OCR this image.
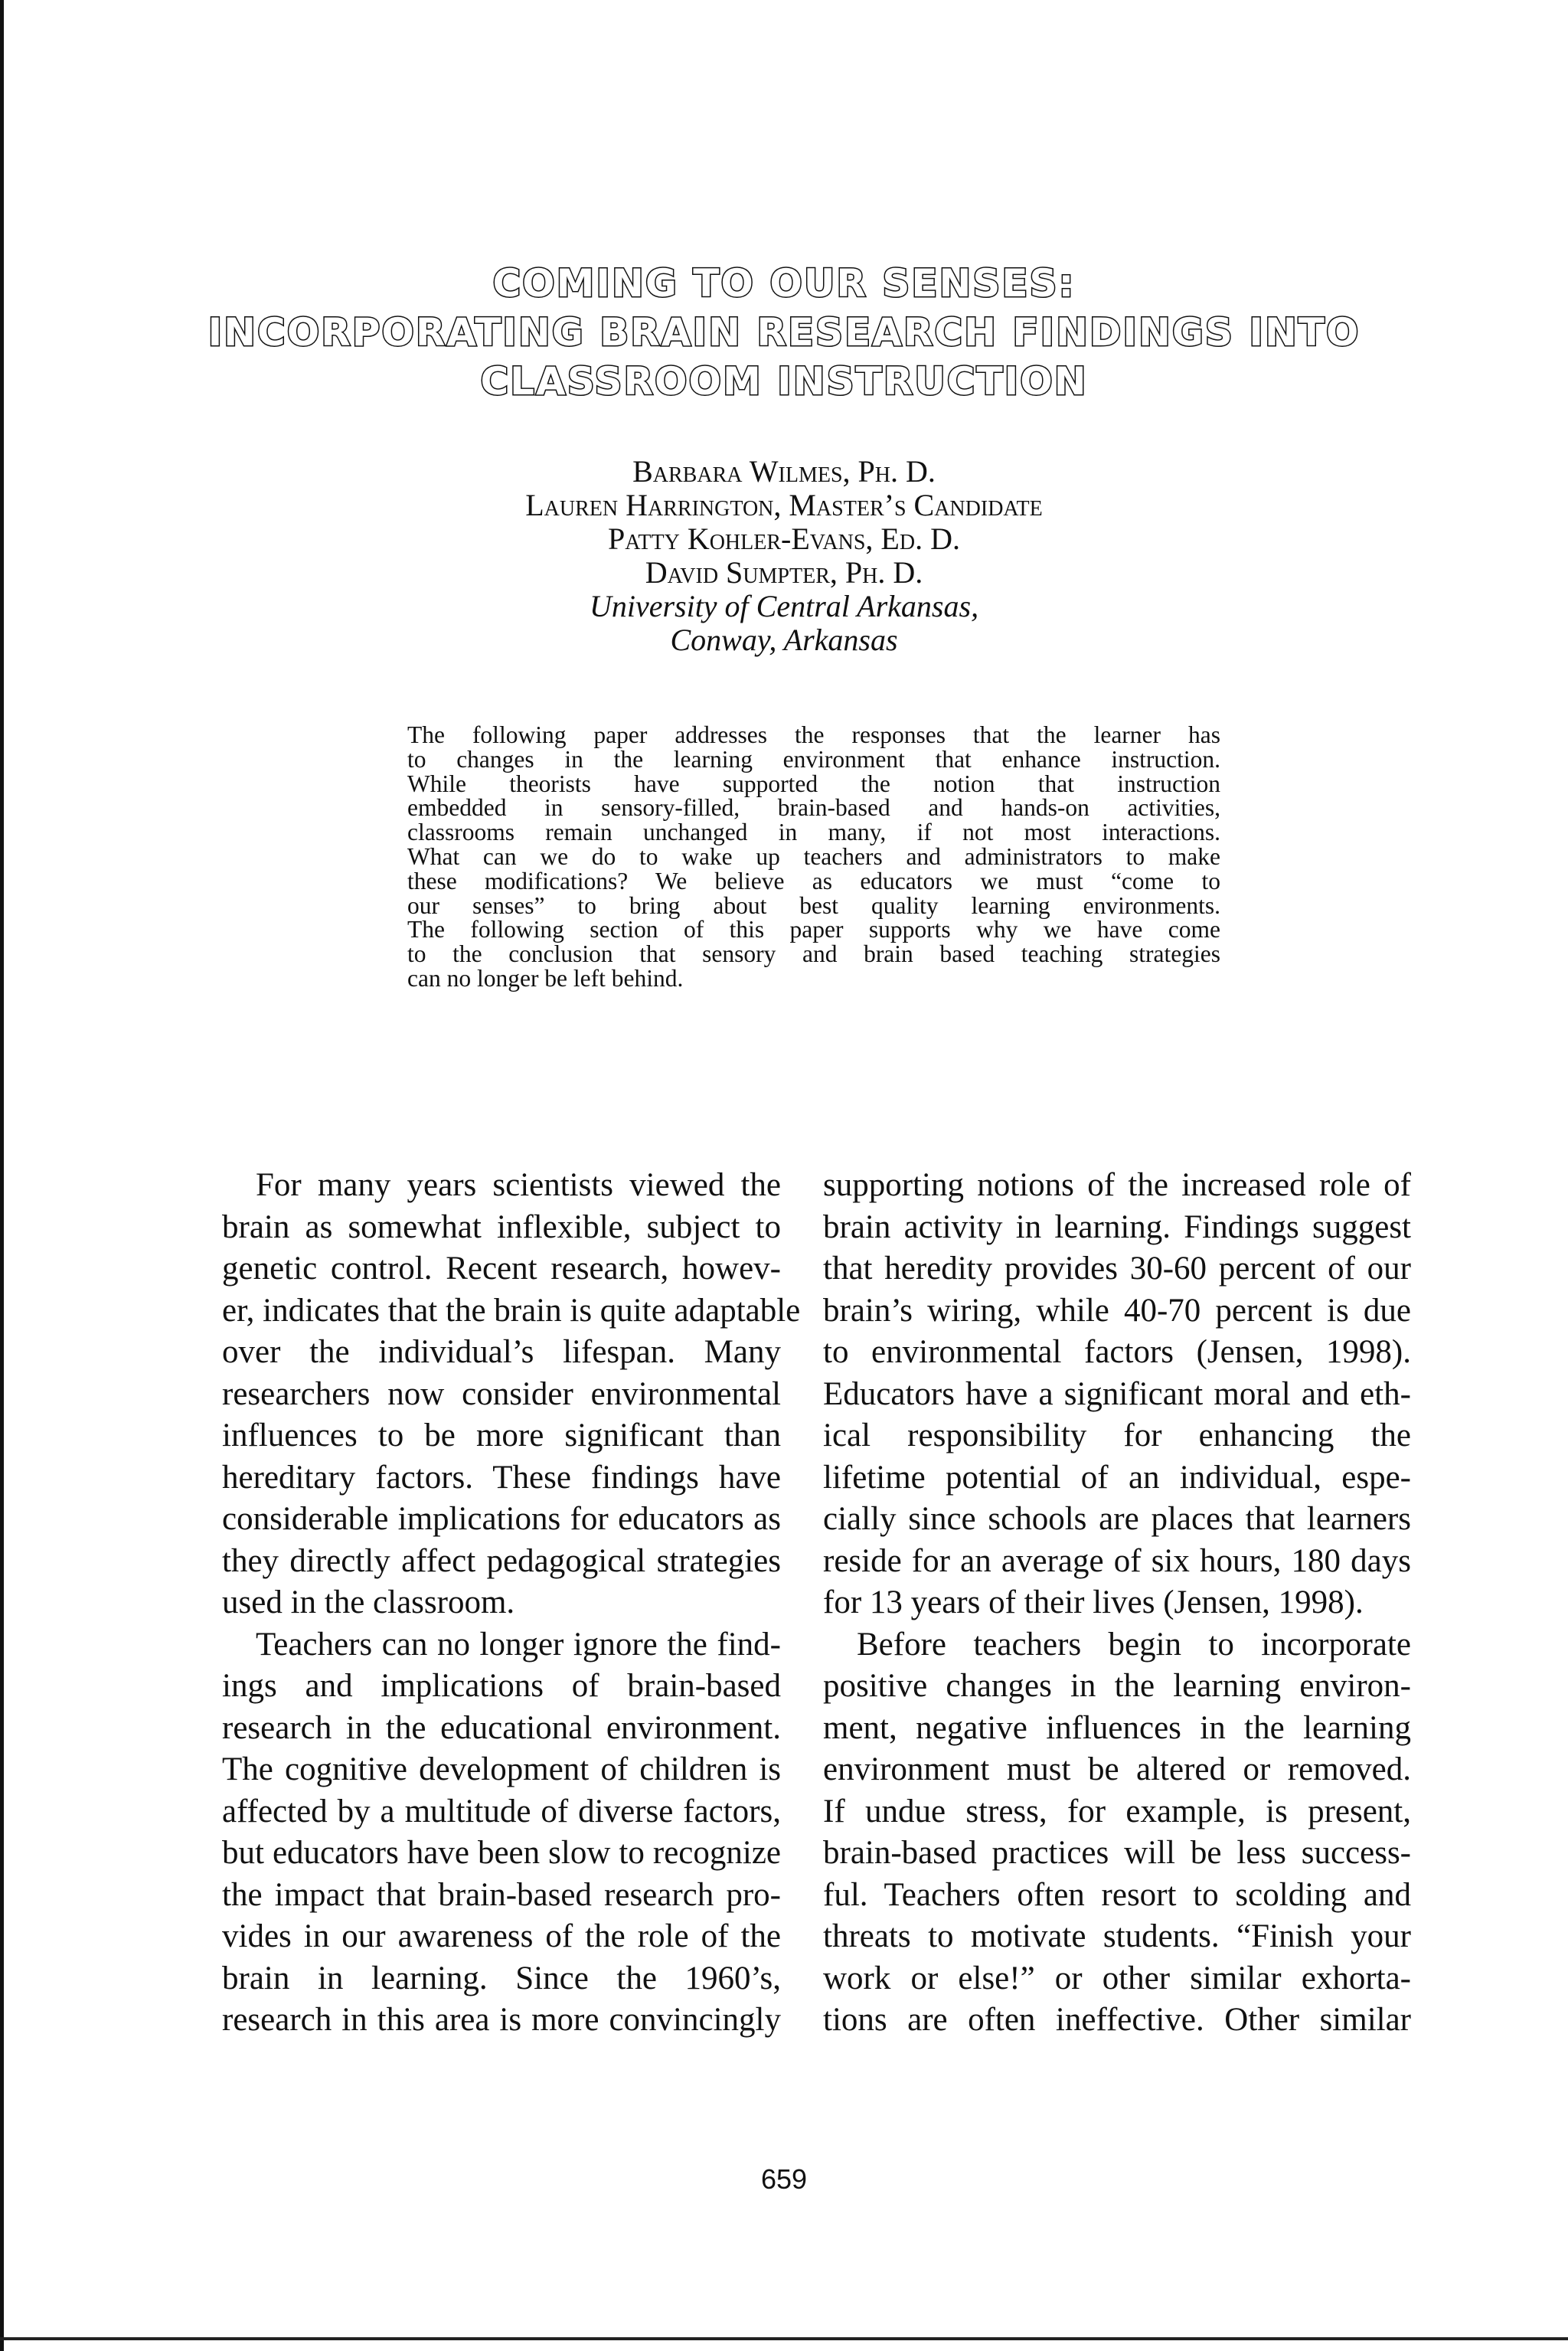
COMING TO OUR SENSES:
INCORPORATING BRAIN RESEARCH FINDINGS INTO
CLASSROOM INSTRUCTION
Barbara Wilmes, Ph. D.
Lauren Harrington, Master’s Candidate
Patty Kohler-Evans, Ed. D.
David Sumpter, Ph. D.
University of Central Arkansas,
Conway, Arkansas
The following paper addresses the responses that the learner has
to changes in the learning environment that enhance instruction.
While theorists have supported the notion that instruction
embedded in sensory-filled, brain-based and hands-on activities,
classrooms remain unchanged in many, if not most interactions.
What can we do to wake up teachers and administrators to make
these modifications? We believe as educators we must “come to
our senses” to bring about best quality learning environments.
The following section of this paper supports why we have come
to the conclusion that sensory and brain based teaching strategies
can no longer be left behind.
For many years scientists viewed the
brain as somewhat inflexible, subject to
genetic control. Recent research, howev-
er, indicates that the brain is quite adaptable
over the individual’s lifespan. Many
researchers now consider environmental
influences to be more significant than
hereditary factors. These findings have
considerable implications for educators as
they directly affect pedagogical strategies
used in the classroom.
Teachers can no longer ignore the find-
ings and implications of brain-based
research in the educational environment.
The cognitive development of children is
affected by a multitude of diverse factors,
but educators have been slow to recognize
the impact that brain-based research pro-
vides in our awareness of the role of the
brain in learning. Since the 1960’s,
research in this area is more convincingly
supporting notions of the increased role of
brain activity in learning. Findings suggest
that heredity provides 30-60 percent of our
brain’s wiring, while 40-70 percent is due
to environmental factors (Jensen, 1998).
Educators have a significant moral and eth-
ical responsibility for enhancing the
lifetime potential of an individual, espe-
cially since schools are places that learners
reside for an average of six hours, 180 days
for 13 years of their lives (Jensen, 1998).
Before teachers begin to incorporate
positive changes in the learning environ-
ment, negative influences in the learning
environment must be altered or removed.
If undue stress, for example, is present,
brain-based practices will be less success-
ful. Teachers often resort to scolding and
threats to motivate students. “Finish your
work or else!” or other similar exhorta-
tions are often ineffective. Other similar
659
